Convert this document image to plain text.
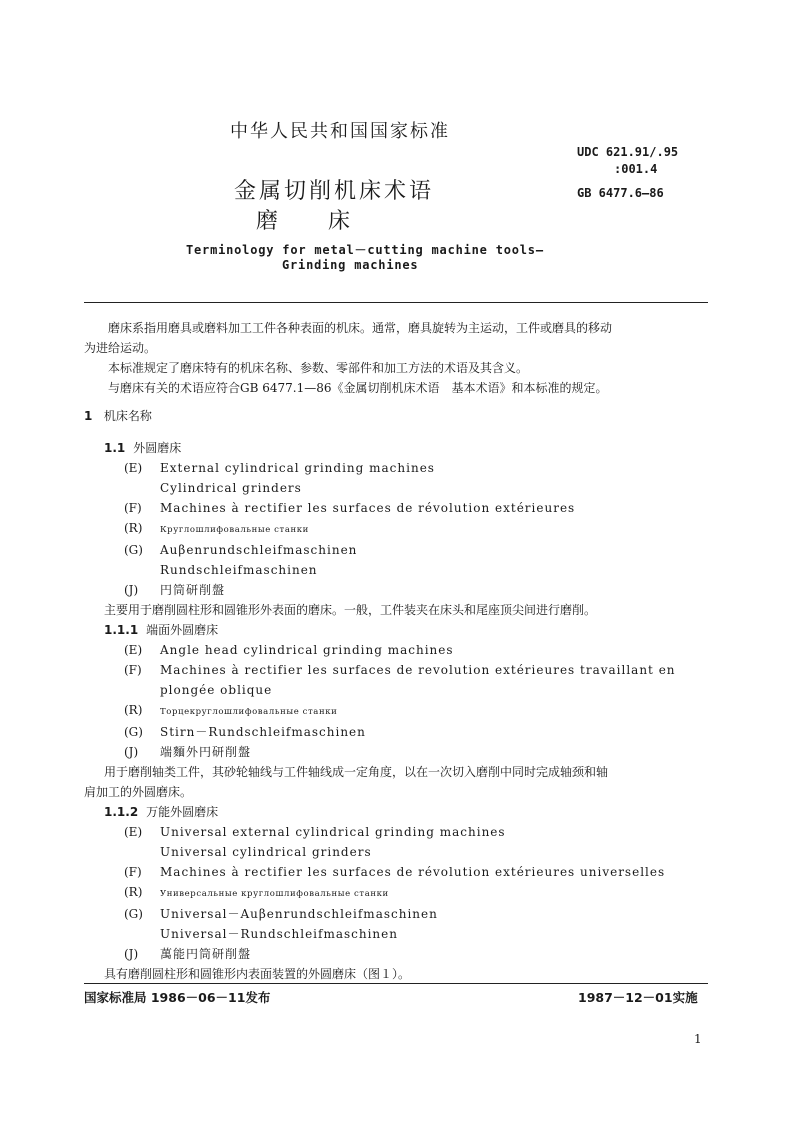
中华人民共和国国家标准
UDC 621.91/.95
:001.4
GB 6477.6—86
金属切削机床术语
磨床
Terminology for metal－cutting machine tools—
Grinding machines

磨床系指用磨具或磨料加工工件各种表面的机床。通常，磨具旋转为主运动，工件或磨具的移动

为进给运动。

本标准规定了磨床特有的机床名称、参数、零部件和加工方法的术语及其含义。

与磨床有关的术语应符合GB 6477.1—86《金属切削机床术语　基本术语》和本标准的规定。

1 机床名称

1.1 外圆磨床

(E) External cylindrical grinding machines

Cylindrical grinders

(F) Machines à rectifier les surfaces de révolution extérieures

(R) Круглошлифовальные станки

(G) Auβenrundschleifmaschinen

Rundschleifmaschinen

(J) 円筒研削盤

主要用于磨削圆柱形和圆锥形外表面的磨床。一般，工件装夹在床头和尾座顶尖间进行磨削。

1.1.1 端面外圆磨床

(E) Angle head cylindrical grinding machines

(F) Machines à rectifier les surfaces de revolution extérieures travaillant en

plongée oblique

(R) Торцекруглошлифовальные станки

(G) Stirn－Rundschleifmaschinen

(J) 端麵外円研削盤

用于磨削轴类工件，其砂轮轴线与工件轴线成一定角度，以在一次切入磨削中同时完成轴颈和轴

肩加工的外圆磨床。

1.1.2 万能外圆磨床

(E) Universal external cylindrical grinding machines

Universal cylindrical grinders

(F) Machines à rectifier les surfaces de révolution extérieures universelles

(R) Универсальные круглошлифовальные станки

(G) Universal－Auβenrundschleifmaschinen

Universal－Rundschleifmaschinen

(J) 萬能円筒研削盤

具有磨削圆柱形和圆锥形内表面装置的外圆磨床（图１）。

国家标准局 1986－06－11发布	1987－12－01实施
1
